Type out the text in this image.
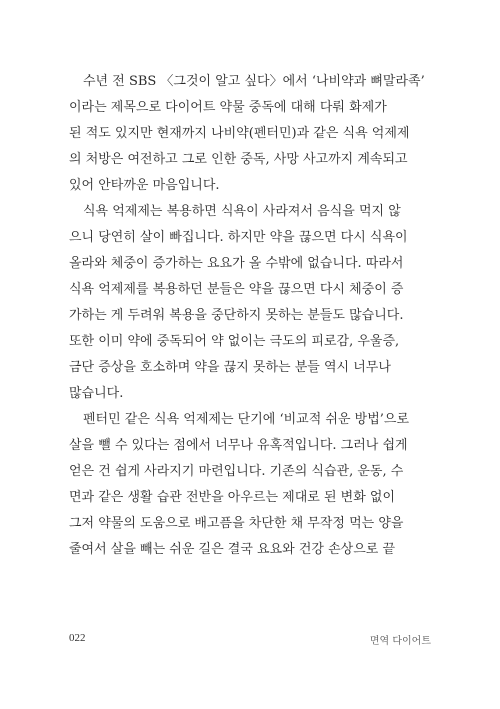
수년 전 SBS 〈그것이 알고 싶다〉에서 ‘나비약과 뼈말라족’
이라는 제목으로 다이어트 약물 중독에 대해 다뤄 화제가
된 적도 있지만 현재까지 나비약(펜터민)과 같은 식욕 억제제
의 처방은 여전하고 그로 인한 중독, 사망 사고까지 계속되고
있어 안타까운 마음입니다.
식욕 억제제는 복용하면 식욕이 사라져서 음식을 먹지 않
으니 당연히 살이 빠집니다. 하지만 약을 끊으면 다시 식욕이
올라와 체중이 증가하는 요요가 올 수밖에 없습니다. 따라서
식욕 억제제를 복용하던 분들은 약을 끊으면 다시 체중이 증
가하는 게 두려워 복용을 중단하지 못하는 분들도 많습니다.
또한 이미 약에 중독되어 약 없이는 극도의 피로감, 우울증,
금단 증상을 호소하며 약을 끊지 못하는 분들 역시 너무나
많습니다.
펜터민 같은 식욕 억제제는 단기에 ‘비교적 쉬운 방법’으로
살을 뺄 수 있다는 점에서 너무나 유혹적입니다. 그러나 쉽게
얻은 건 쉽게 사라지기 마련입니다. 기존의 식습관, 운동, 수
면과 같은 생활 습관 전반을 아우르는 제대로 된 변화 없이
그저 약물의 도움으로 배고픔을 차단한 채 무작정 먹는 양을
줄여서 살을 빼는 쉬운 길은 결국 요요와 건강 손상으로 끝
022	면역 다이어트
